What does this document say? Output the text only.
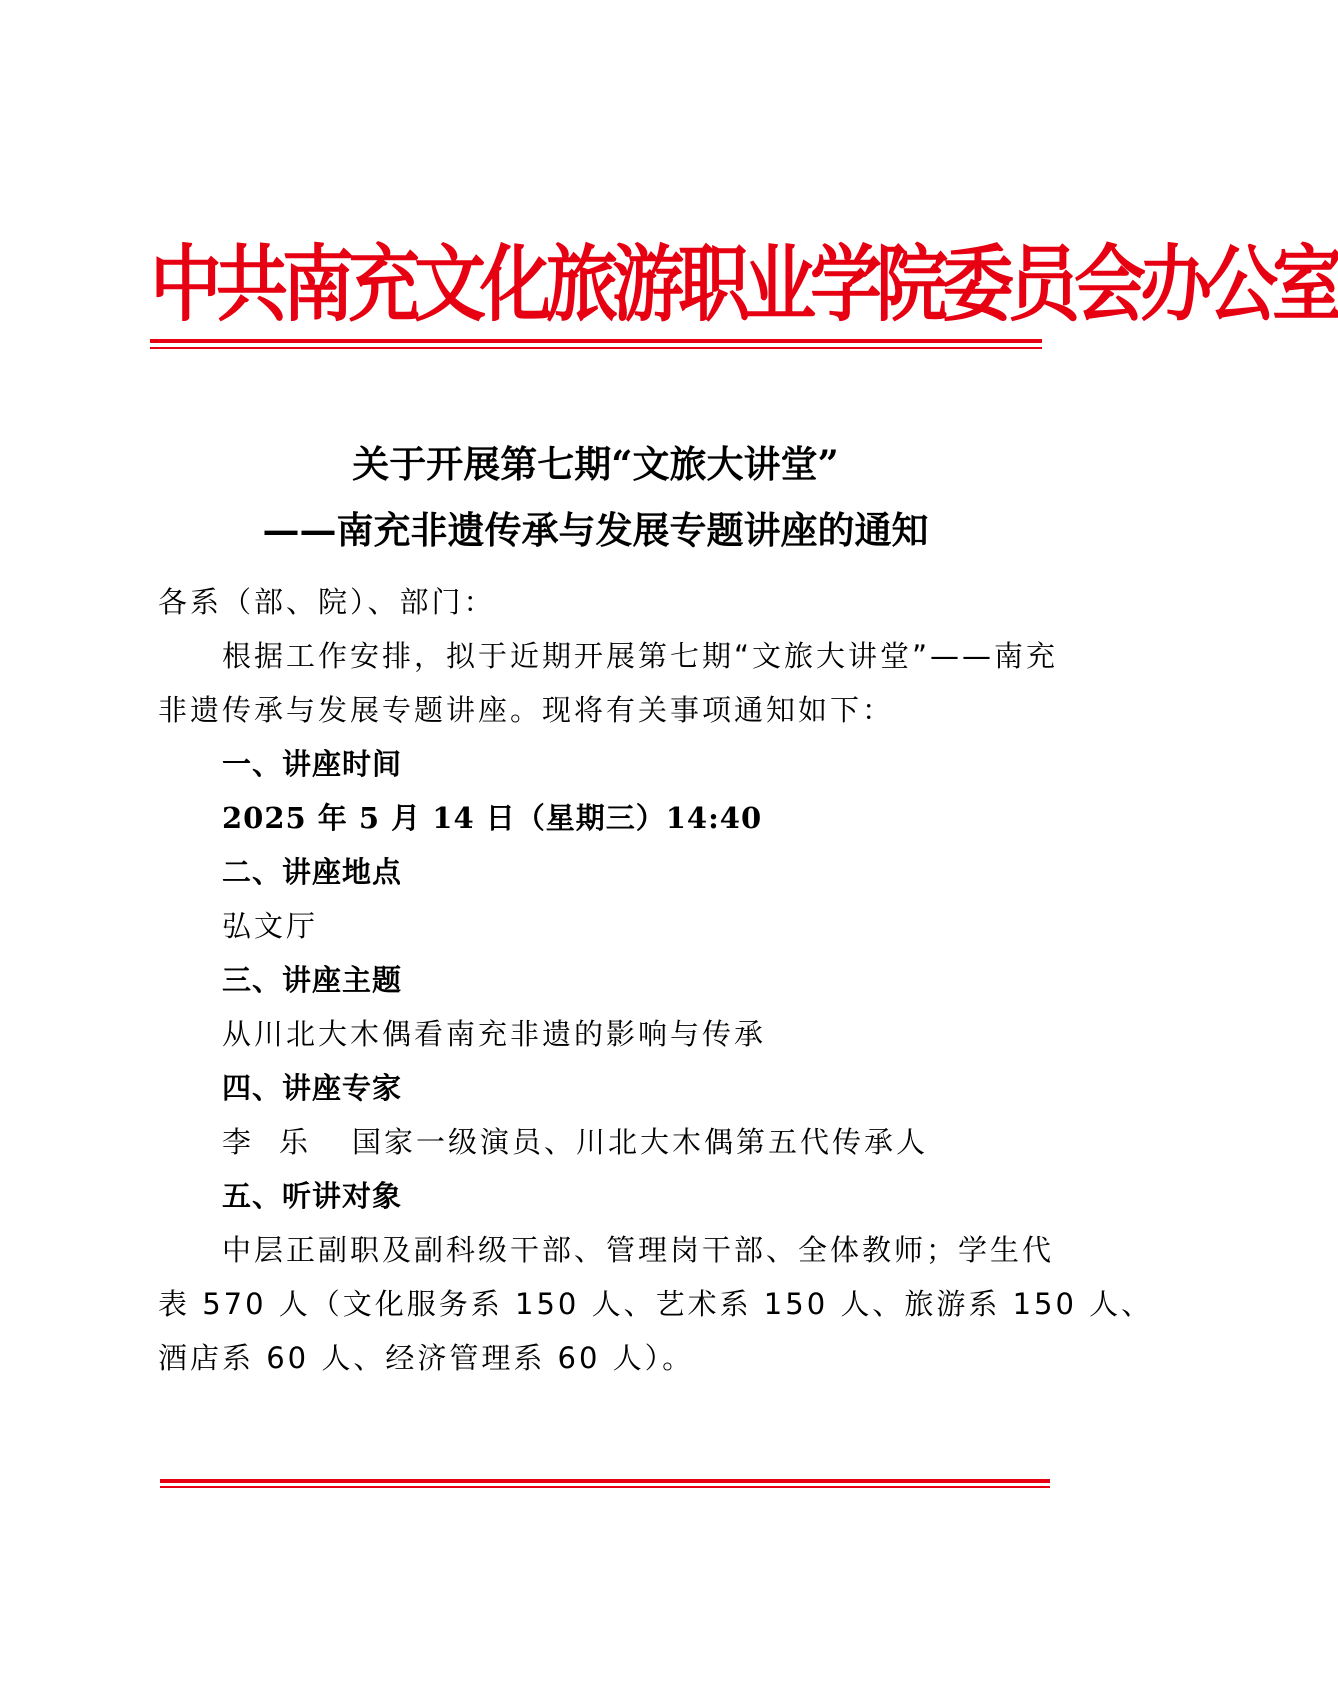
中共南充文化旅游职业学院委员会办公室
关于开展第七期“文旅大讲堂”
——南充非遗传承与发展专题讲座的通知
各系（部、院）、部门：
根据工作安排，拟于近期开展第七期“文旅大讲堂”——南充
非遗传承与发展专题讲座。现将有关事项通知如下：
一、讲座时间
2025 年 5 月 14 日（星期三）14:40
二、讲座地点
弘文厅
三、讲座主题
从川北大木偶看南充非遗的影响与传承
四、讲座专家
李乐 国家一级演员、川北大木偶第五代传承人
五、听讲对象
中层正副职及副科级干部、管理岗干部、全体教师；学生代
表 570 人（文化服务系 150 人、艺术系 150 人、旅游系 150 人、
酒店系 60 人、经济管理系 60 人）。
